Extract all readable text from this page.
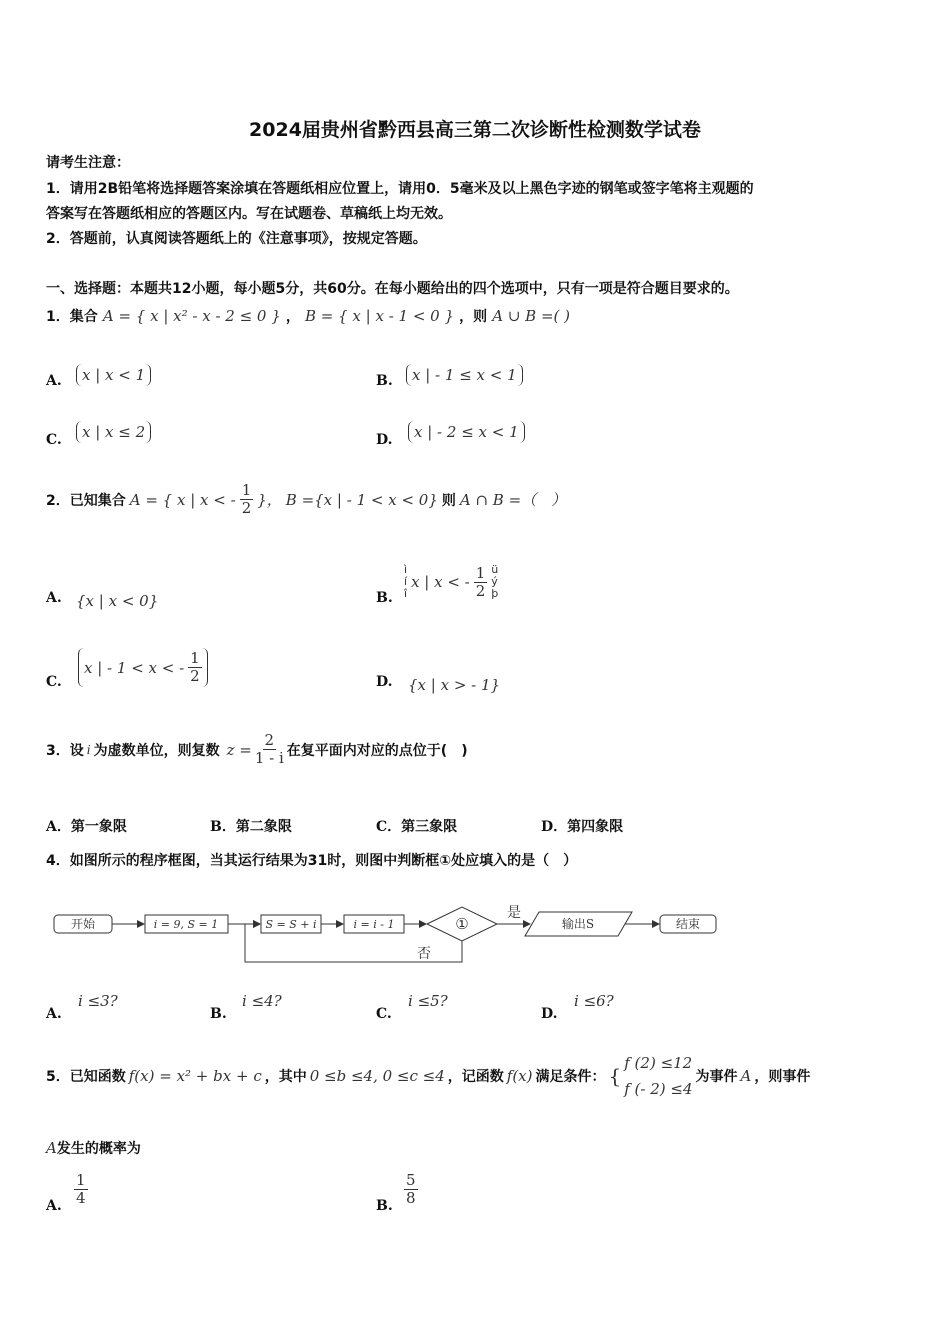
2024届贵州省黔西县高三第二次诊断性检测数学试卷
请考生注意：
1．请用2B铅笔将选择题答案涂填在答题纸相应位置上，请用0．5毫米及以上黑色字迹的钢笔或签字笔将主观题的
答案写在答题纸相应的答题区内。写在试题卷、草稿纸上均无效。
2．答题前，认真阅读答题纸上的《注意事项》，按规定答题。
一、选择题：本题共12小题，每小题5分，共60分。在每小题给出的四个选项中，只有一项是符合题目要求的。
1．集合 A = { x | x² - x - 2 ≤ 0 } ， B = { x | x - 1 < 0 } ，则 A ∪ B =( )
A.	x | x < 1	B.	x | - 1 ≤ x < 1
C.	x | x ≤ 2	D.	x | - 2 ≤ x < 1
2．已知集合 A = { x | x < - $\frac{1}{2}$ }， B ={x | - 1 < x < 0} 则 A ∩ B =（　）
A. {x | x < 0}	B.
ì
í
î
x | x < - $\frac{1}{2}$ ü
ý
þ
C.
x | - 1 < x < - $\frac{1}{2}$	D. {x | x > - 1}
3．设 i 为虚数单位，则复数 $z = \frac{2}{1 - i}$ 在复平面内对应的点位于(　)
A．第一象限	B．第二象限	C．第三象限	D．第四象限
4．如图所示的程序框图，当其运行结果为31时，则图中判断框①处应填入的是（　）
开始	i = 9, S = 1	S = S + i	i = i - 1	①
是
输出S	结束
否
A.
i ≤3?
B.
i ≤4?
C.
i ≤5?
D.
i ≤6?
5．已知函数 f(x) = x² + bx + c ，其中 0 ≤b ≤4, 0 ≤c ≤4 ，记函数 f(x) 满足条件： {
f (2) ≤12
f (- 2) ≤4
为事件 A ，则事件
A发生的概率为
A. $\frac{1}{4}$	B. $\frac{5}{8}$
